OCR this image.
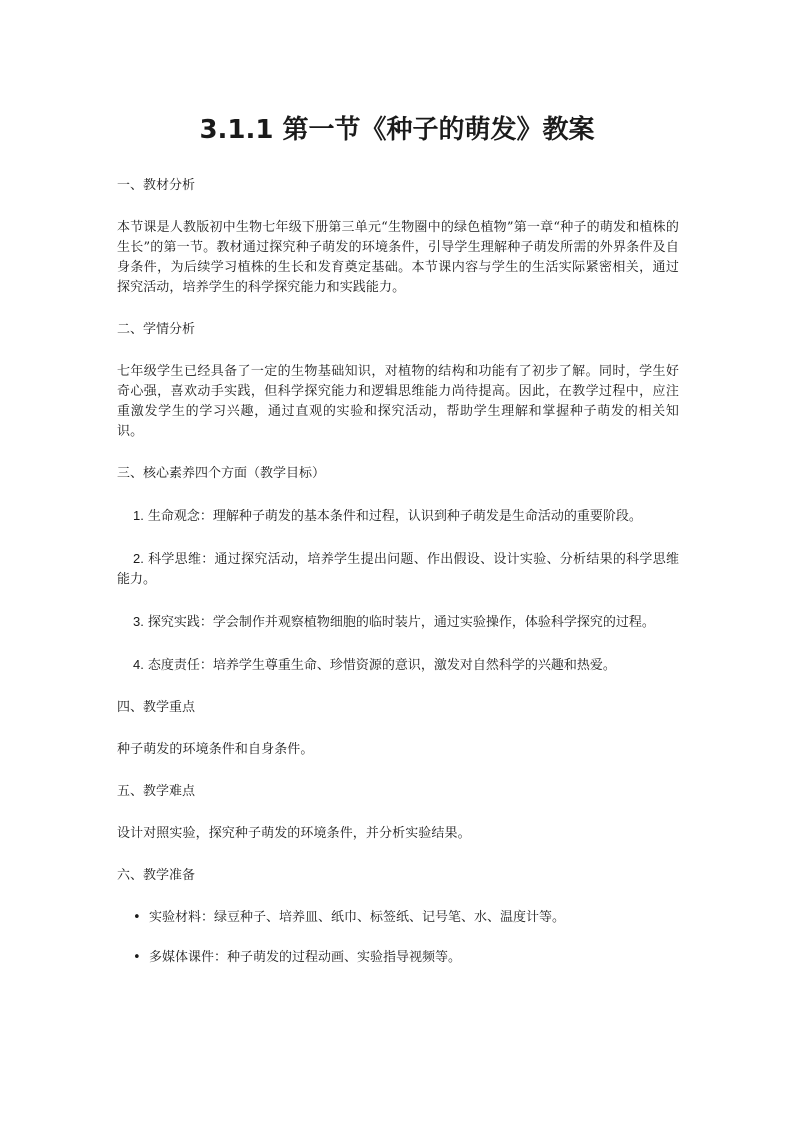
3.1.1 第一节《种子的萌发》教案

一、教材分析

本节课是人教版初中生物七年级下册第三单元“生物圈中的绿色植物”第一章“种子的萌发和植株的生长”的第一节。教材通过探究种子萌发的环境条件，引导学生理解种子萌发所需的外界条件及自身条件，为后续学习植株的生长和发育奠定基础。本节课内容与学生的生活实际紧密相关，通过探究活动，培养学生的科学探究能力和实践能力。

二、学情分析

七年级学生已经具备了一定的生物基础知识，对植物的结构和功能有了初步了解。同时，学生好奇心强，喜欢动手实践，但科学探究能力和逻辑思维能力尚待提高。因此，在教学过程中，应注重激发学生的学习兴趣，通过直观的实验和探究活动，帮助学生理解和掌握种子萌发的相关知识。

三、核心素养四个方面（教学目标）

1. 生命观念：理解种子萌发的基本条件和过程，认识到种子萌发是生命活动的重要阶段。

2. 科学思维：通过探究活动，培养学生提出问题、作出假设、设计实验、分析结果的科学思维能力。

3. 探究实践：学会制作并观察植物细胞的临时装片，通过实验操作，体验科学探究的过程。

4. 态度责任：培养学生尊重生命、珍惜资源的意识，激发对自然科学的兴趣和热爱。

四、教学重点

种子萌发的环境条件和自身条件。

五、教学难点

设计对照实验，探究种子萌发的环境条件，并分析实验结果。

六、教学准备

• 实验材料：绿豆种子、培养皿、纸巾、标签纸、记号笔、水、温度计等。

• 多媒体课件：种子萌发的过程动画、实验指导视频等。
